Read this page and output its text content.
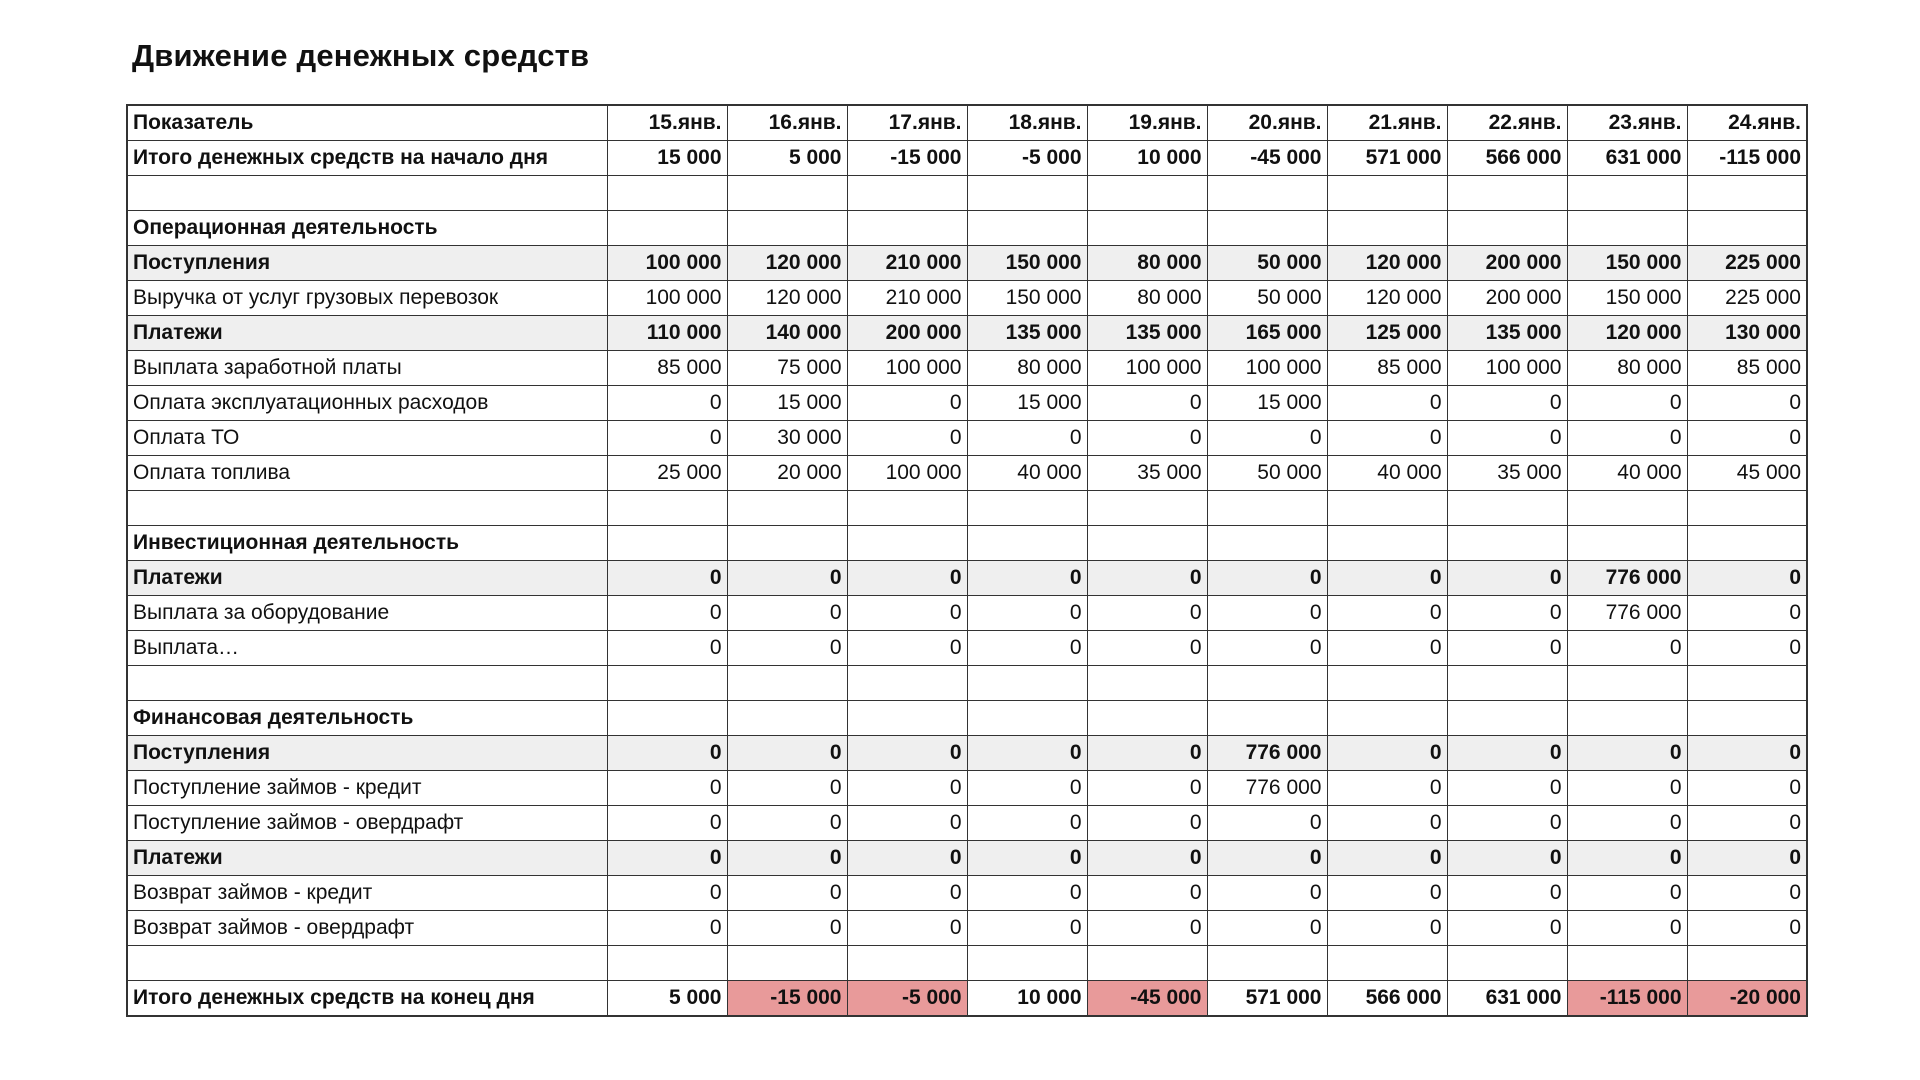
Движение денежных средств
Показатель	15.янв.	16.янв.	17.янв.	18.янв.	19.янв.	20.янв.	21.янв.	22.янв.	23.янв.	24.янв.
Итого денежных средств на начало дня	15 000	5 000	-15 000	-5 000	10 000	-45 000	571 000	566 000	631 000	-115 000

Операционная деятельность										
Поступления	100 000	120 000	210 000	150 000	80 000	50 000	120 000	200 000	150 000	225 000
Выручка от услуг грузовых перевозок	100 000	120 000	210 000	150 000	80 000	50 000	120 000	200 000	150 000	225 000
Платежи	110 000	140 000	200 000	135 000	135 000	165 000	125 000	135 000	120 000	130 000
Выплата заработной платы	85 000	75 000	100 000	80 000	100 000	100 000	85 000	100 000	80 000	85 000
Оплата эксплуатационных расходов	0	15 000	0	15 000	0	15 000	0	0	0	0
Оплата ТО	0	30 000	0	0	0	0	0	0	0	0
Оплата топлива	25 000	20 000	100 000	40 000	35 000	50 000	40 000	35 000	40 000	45 000

Инвестиционная деятельность										
Платежи	0	0	0	0	0	0	0	0	776 000	0
Выплата за оборудование	0	0	0	0	0	0	0	0	776 000	0
Выплата…	0	0	0	0	0	0	0	0	0	0

Финансовая деятельность										
Поступления	0	0	0	0	0	776 000	0	0	0	0
Поступление займов - кредит	0	0	0	0	0	776 000	0	0	0	0
Поступление займов - овердрафт	0	0	0	0	0	0	0	0	0	0
Платежи	0	0	0	0	0	0	0	0	0	0
Возврат займов - кредит	0	0	0	0	0	0	0	0	0	0
Возврат займов - овердрафт	0	0	0	0	0	0	0	0	0	0

Итого денежных средств на конец дня	5 000	-15 000	-5 000	10 000	-45 000	571 000	566 000	631 000	-115 000	-20 000
